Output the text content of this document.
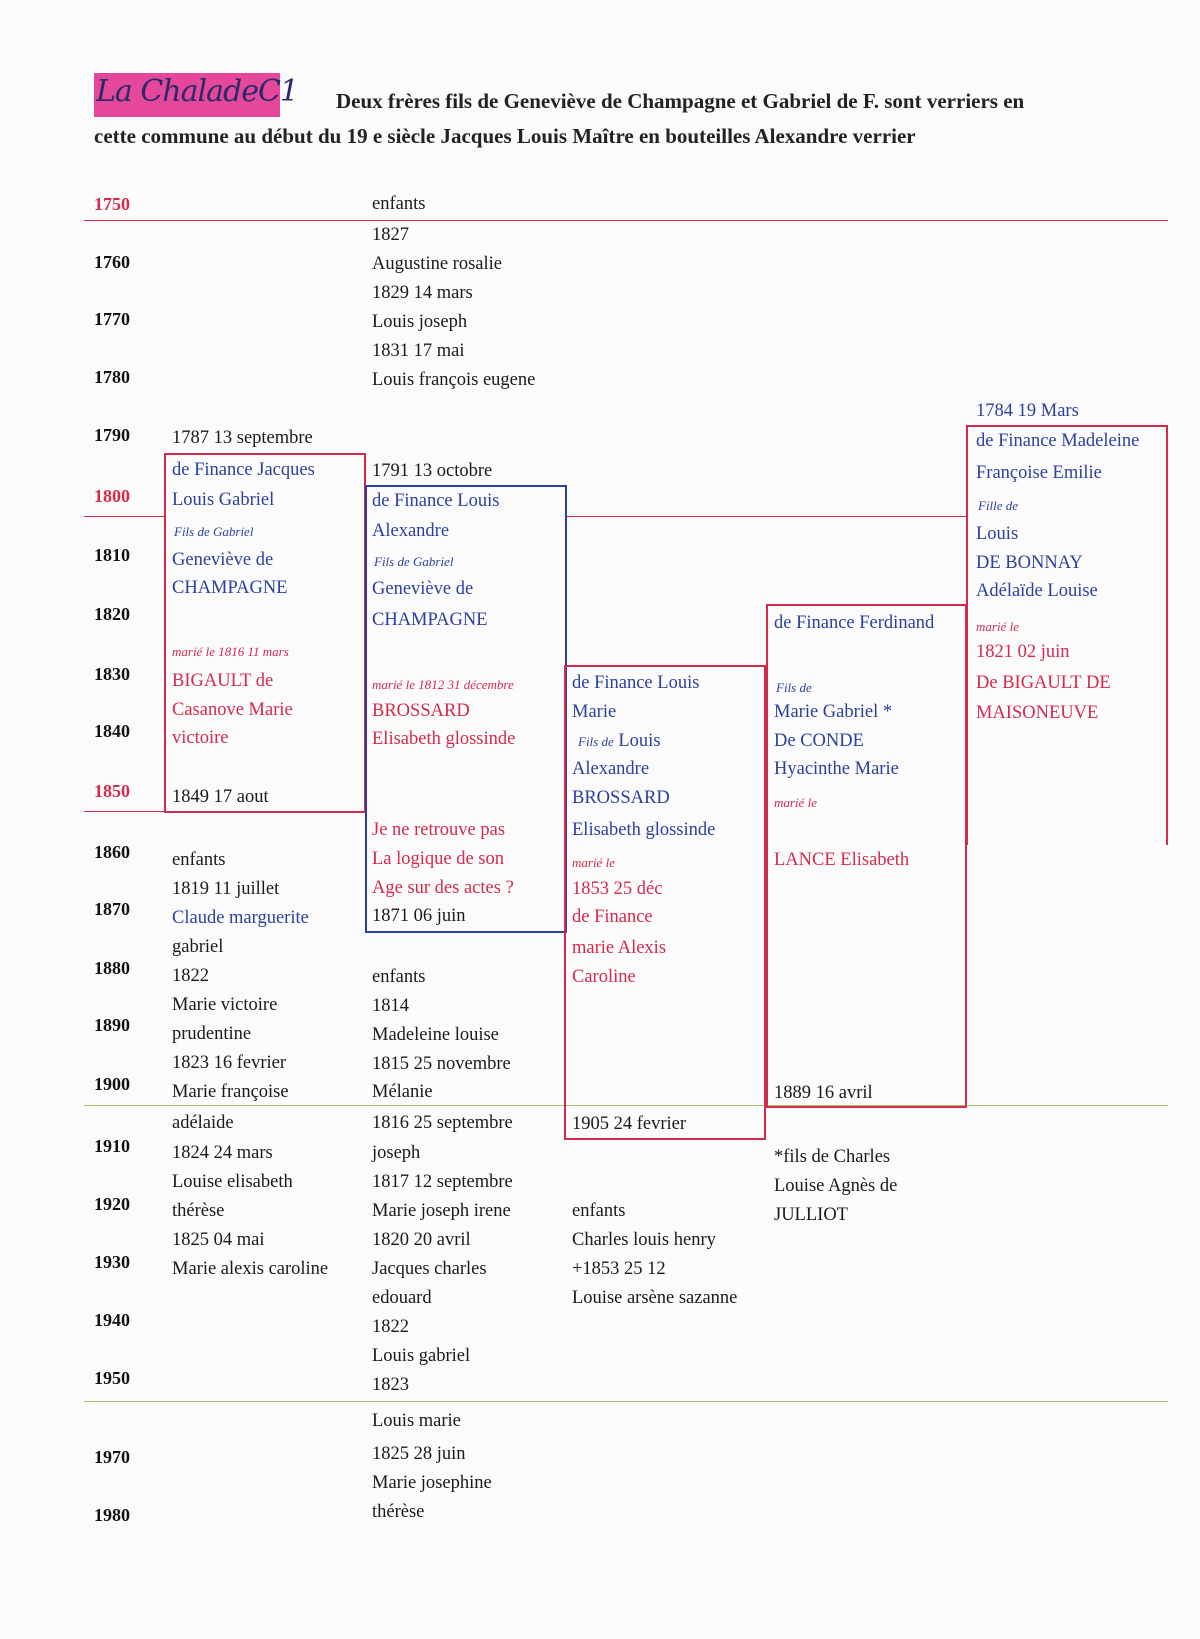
La ChaladeC1 Deux frères fils de Geneviève de Champagne et Gabriel de F. sont verriers en
cette commune au début du 19 e siècle Jacques Louis Maître en bouteilles Alexandre verrier
1750
1760
1770
1780
1790
1800
1810
1820
1830
1840
1850
1860
1870
1880
1890
1900
1910
1920
1930
1940
1950
1970
1980
enfants
1827
Augustine rosalie
1829 14 mars
Louis joseph
1831 17 mai
Louis françois eugene
1787 13 septembre
de Finance Jacques
Louis Gabriel
Fils de Gabriel
Geneviève de
CHAMPAGNE
marié le 1816 11 mars
BIGAULT de
Casanove Marie
victoire
1849 17 aout
enfants
1819 11 juillet
Claude marguerite
gabriel
1822
Marie victoire
prudentine
1823 16 fevrier
Marie françoise
adélaide
1824 24 mars
Louise elisabeth
thérèse
1825 04 mai
Marie alexis caroline
1791 13 octobre
de Finance Louis
Alexandre
Fils de Gabriel
Geneviève de
CHAMPAGNE
marié le 1812 31 décembre
BROSSARD
Elisabeth glossinde
Je ne retrouve pas
La logique de son
Age sur des actes ?
1871 06 juin
enfants
1814
Madeleine louise
1815 25 novembre
Mélanie
1816 25 septembre
joseph
1817 12 septembre
Marie joseph irene
1820 20 avril
Jacques charles
edouard
1822
Louis gabriel
1823
Louis marie
1825 28 juin
Marie josephine
thérèse
de Finance Louis
Marie
Fils de Louis
Alexandre
BROSSARD
Elisabeth glossinde
marié le
1853 25 déc
de Finance
marie Alexis
Caroline
1905 24 fevrier
enfants
Charles louis henry
+1853 25 12
Louise arsène sazanne
de Finance Ferdinand
Fils de
Marie Gabriel *
De CONDE
Hyacinthe Marie
marié le
LANCE Elisabeth
1889 16 avril
*fils de Charles
Louise Agnès de
JULLIOT
1784 19 Mars
de Finance Madeleine
Françoise Emilie
Fille de
Louis
DE BONNAY
Adélaïde Louise
marié le
1821 02 juin
De BIGAULT DE
MAISONEUVE
